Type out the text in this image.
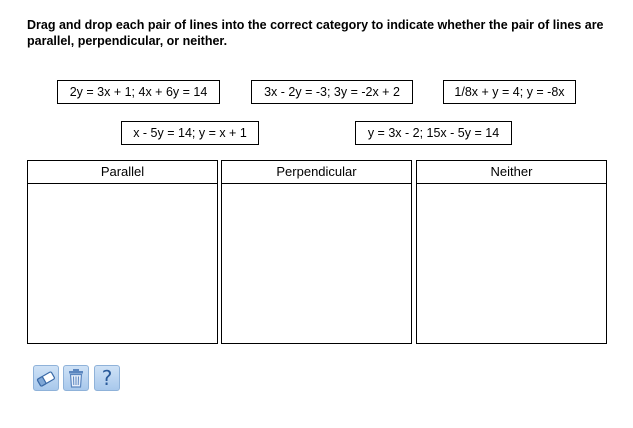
Drag and drop each pair of lines into the correct category to indicate whether the pair of lines are parallel, perpendicular, or neither.
2y = 3x + 1; 4x + 6y = 14	3x - 2y = -3; 3y = -2x + 2	1/8x + y = 4; y = -8x
x - 5y = 14; y = x + 1	y = 3x - 2; 15x - 5y = 14
Parallel	Perpendicular	Neither
?
